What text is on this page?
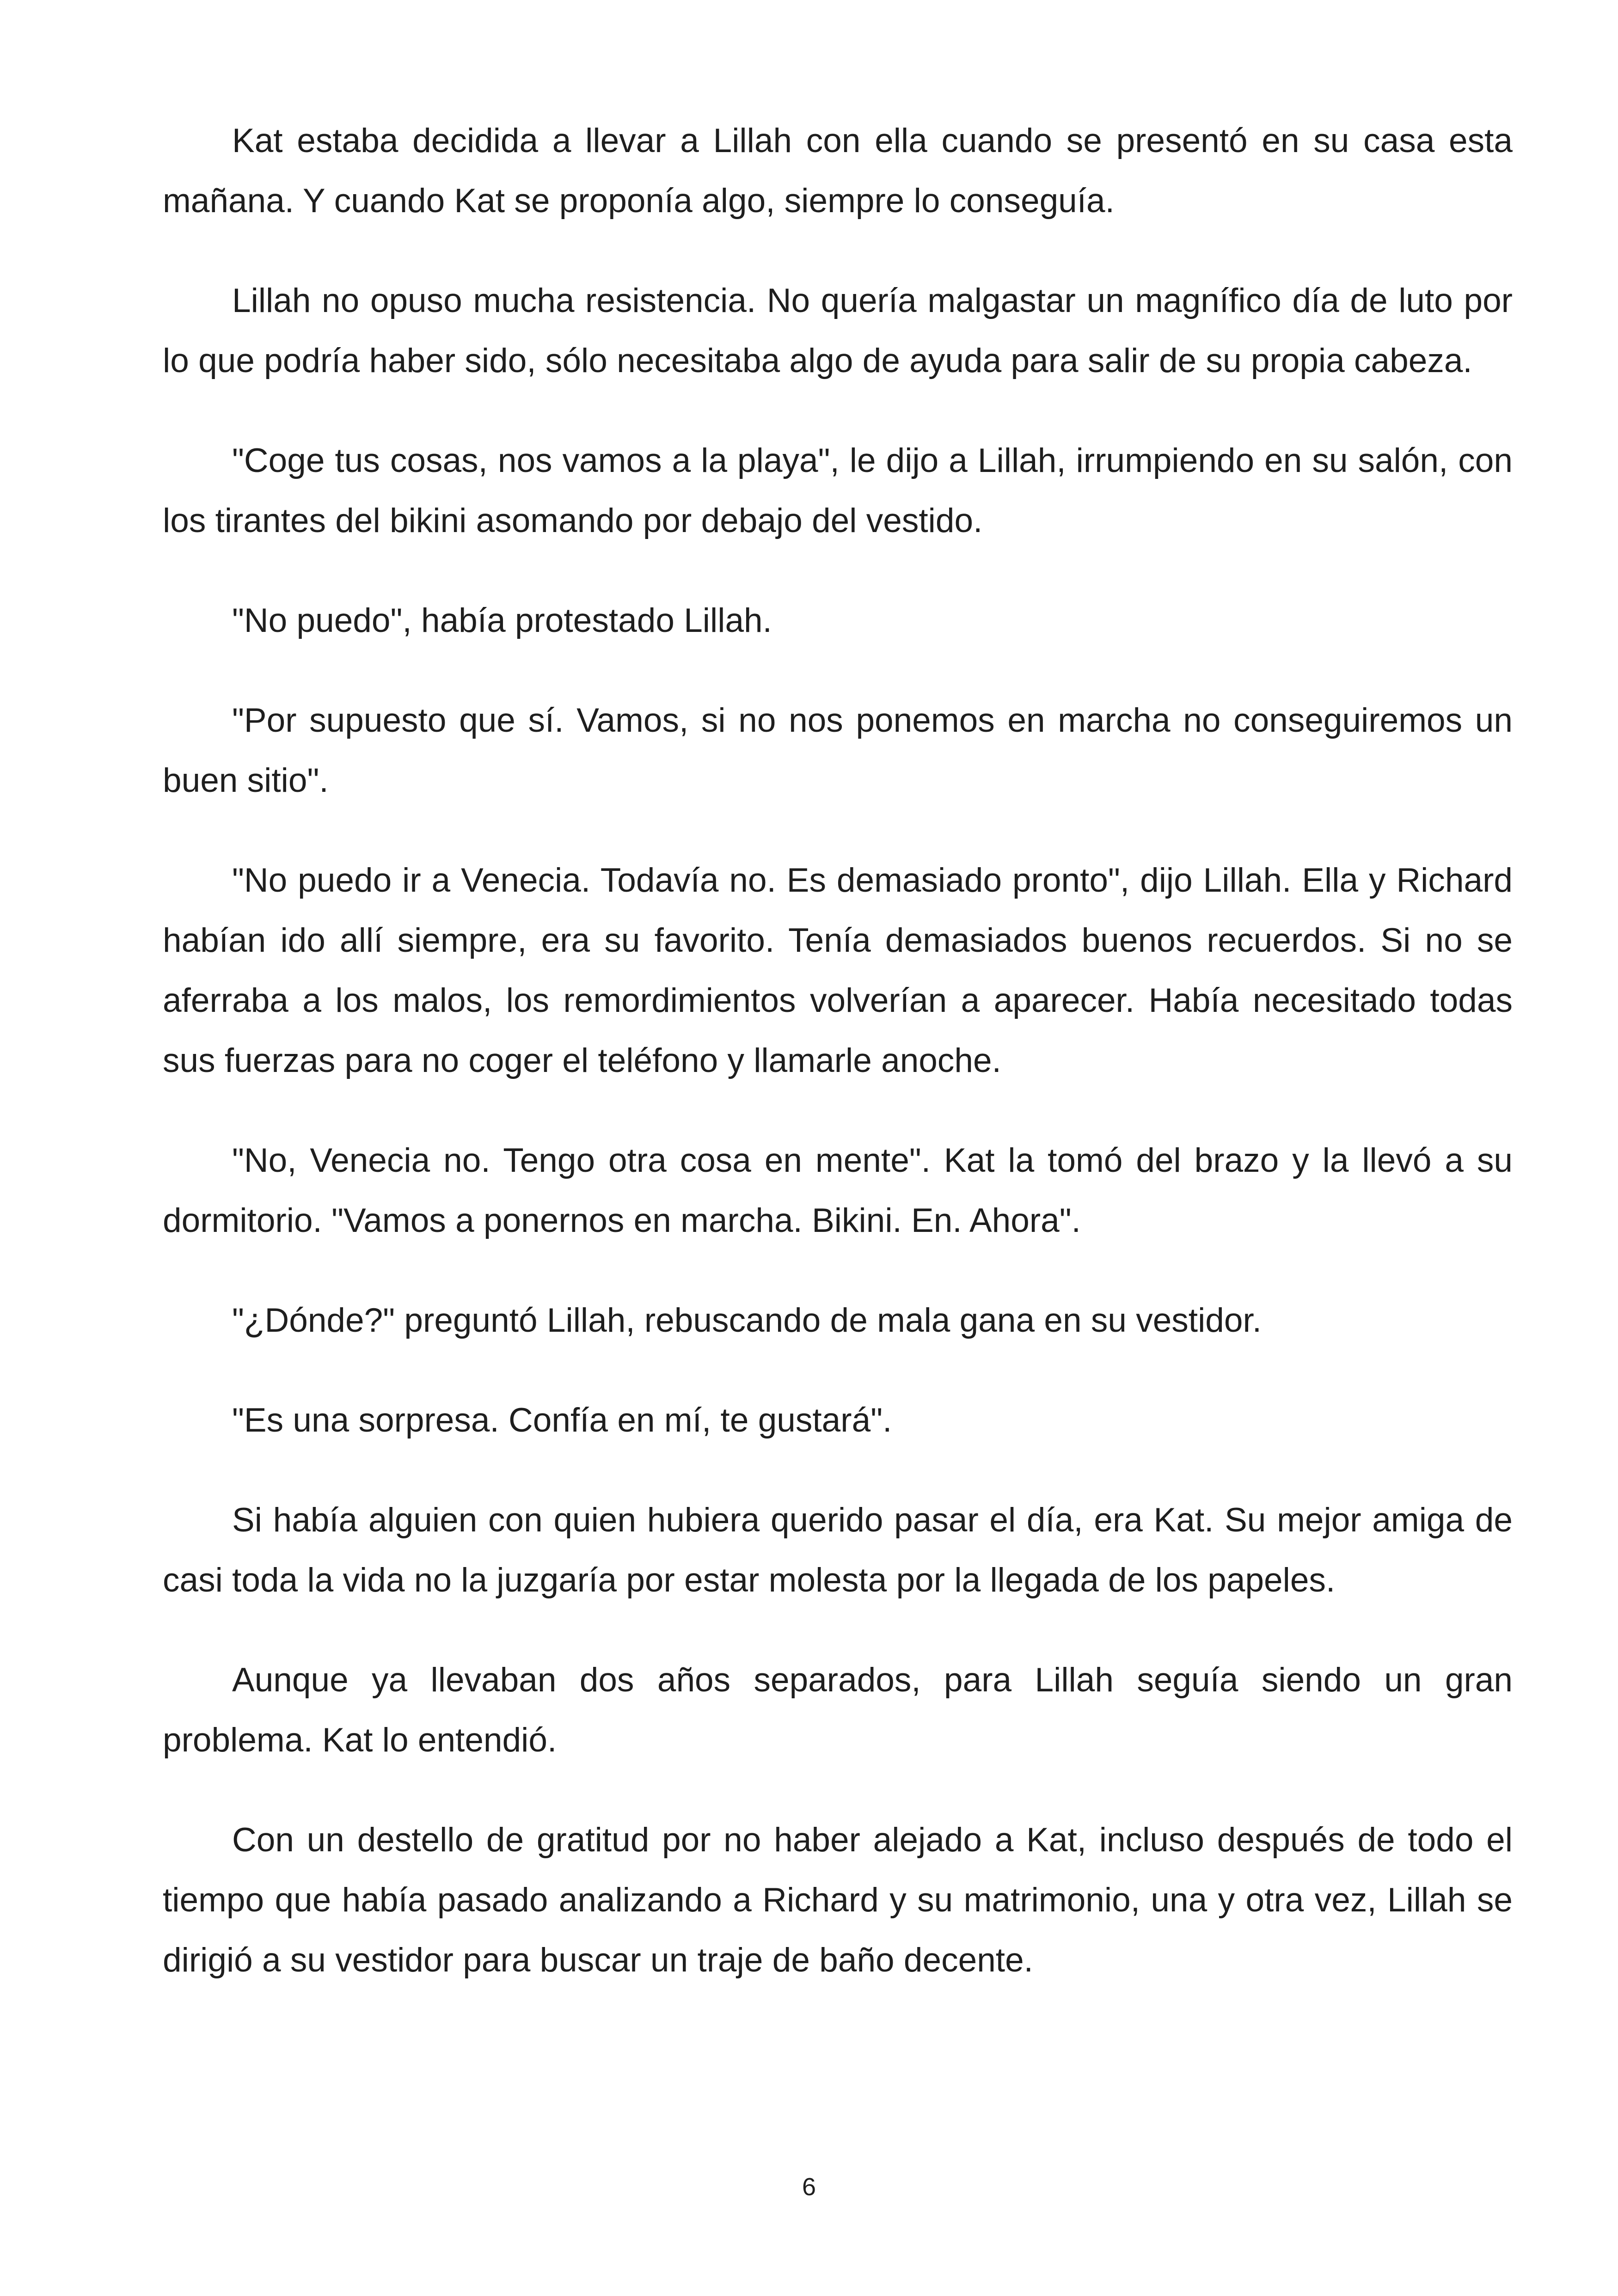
Kat estaba decidida a llevar a Lillah con ella cuando se presentó en su casa esta mañana. Y cuando Kat se proponía algo, siempre lo conseguía.

Lillah no opuso mucha resistencia. No quería malgastar un magnífico día de luto por lo que podría haber sido, sólo necesitaba algo de ayuda para salir de su propia cabeza.

"Coge tus cosas, nos vamos a la playa", le dijo a Lillah, irrumpiendo en su salón, con los tirantes del bikini asomando por debajo del vestido.

"No puedo", había protestado Lillah.

"Por supuesto que sí. Vamos, si no nos ponemos en marcha no conseguiremos un buen sitio".

"No puedo ir a Venecia. Todavía no. Es demasiado pronto", dijo Lillah. Ella y Richard habían ido allí siempre, era su favorito. Tenía demasiados buenos recuerdos. Si no se aferraba a los malos, los remordimientos volverían a aparecer. Había necesitado todas sus fuerzas para no coger el teléfono y llamarle anoche.

"No, Venecia no. Tengo otra cosa en mente". Kat la tomó del brazo y la llevó a su dormitorio. "Vamos a ponernos en marcha. Bikini. En. Ahora".

"¿Dónde?" preguntó Lillah, rebuscando de mala gana en su vestidor.

"Es una sorpresa. Confía en mí, te gustará".

Si había alguien con quien hubiera querido pasar el día, era Kat. Su mejor amiga de casi toda la vida no la juzgaría por estar molesta por la llegada de los papeles.

Aunque ya llevaban dos años separados, para Lillah seguía siendo un gran problema. Kat lo entendió.

Con un destello de gratitud por no haber alejado a Kat, incluso después de todo el tiempo que había pasado analizando a Richard y su matrimonio, una y otra vez, Lillah se dirigió a su vestidor para buscar un traje de baño decente.

6
